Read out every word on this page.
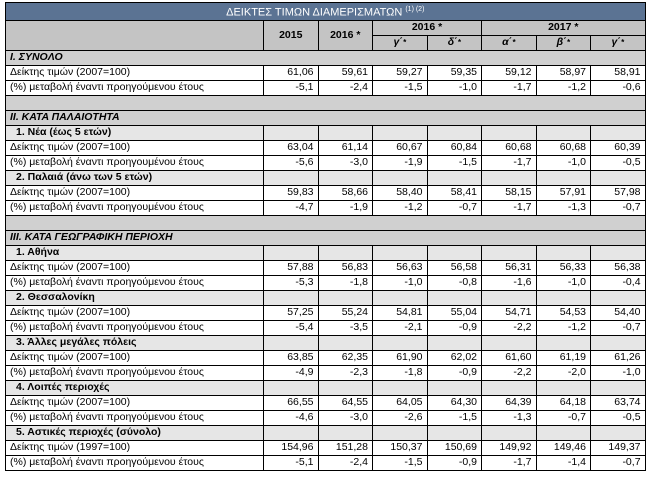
ΔΕΙΚΤΕΣ ΤΙΜΩΝ ΔΙΑΜΕΡΙΣΜΑΤΩΝ $^{(1) (2)}$
	2015	2016 *	2016 *		2017 *		
			γ΄*	δ΄*	α΄*	β΄*	γ΄*
I. ΣΥΝΟΛΟ							
Δείκτης τιμών (2007=100)	61,06	59,61	59,27	59,35	59,12	58,97	58,91
(%) μεταβολή έναντι προηγούμενου έτους	-5,1	-2,4	-1,5	-1,0	-1,7	-1,2	-0,6

II. ΚΑΤΑ ΠΑΛΑΙΟΤΗΤΑ							
1. Νέα (έως 5 ετών)							
Δείκτης τιμών (2007=100)	63,04	61,14	60,67	60,84	60,68	60,68	60,39
(%) μεταβολή έναντι προηγουμένου έτους	-5,6	-3,0	-1,9	-1,5	-1,7	-1,0	-0,5
2. Παλαιά (άνω των 5 ετών)							
Δείκτης τιμών (2007=100)	59,83	58,66	58,40	58,41	58,15	57,91	57,98
(%) μεταβολή έναντι προηγουμένου έτους	-4,7	-1,9	-1,2	-0,7	-1,7	-1,3	-0,7

III. ΚΑΤΑ ΓΕΩΓΡΑΦΙΚΗ ΠΕΡΙΟΧΗ							
1. Αθήνα							
Δείκτης τιμών (2007=100)	57,88	56,83	56,63	56,58	56,31	56,33	56,38
(%) μεταβολή έναντι προηγούμενου έτους	-5,3	-1,8	-1,0	-0,8	-1,6	-1,0	-0,4
2. Θεσσαλονίκη							
Δείκτης τιμών (2007=100)	57,25	55,24	54,81	55,04	54,71	54,53	54,40
(%) μεταβολή έναντι προηγούμενου έτους	-5,4	-3,5	-2,1	-0,9	-2,2	-1,2	-0,7
3. Άλλες μεγάλες πόλεις							
Δείκτης τιμών (2007=100)	63,85	62,35	61,90	62,02	61,60	61,19	61,26
(%) μεταβολή έναντι προηγούμενου έτους	-4,9	-2,3	-1,8	-0,9	-2,2	-2,0	-1,0
4. Λοιπές περιοχές							
Δείκτης τιμών (2007=100)	66,55	64,55	64,05	64,30	64,39	64,18	63,74
(%) μεταβολή έναντι προηγούμενου έτους	-4,6	-3,0	-2,6	-1,5	-1,3	-0,7	-0,5
5. Αστικές περιοχές (σύνολο)							
Δείκτης τιμών (1997=100)	154,96	151,28	150,37	150,69	149,92	149,46	149,37
(%) μεταβολή έναντι προηγούμενου έτους	-5,1	-2,4	-1,5	-0,9	-1,7	-1,4	-0,7
